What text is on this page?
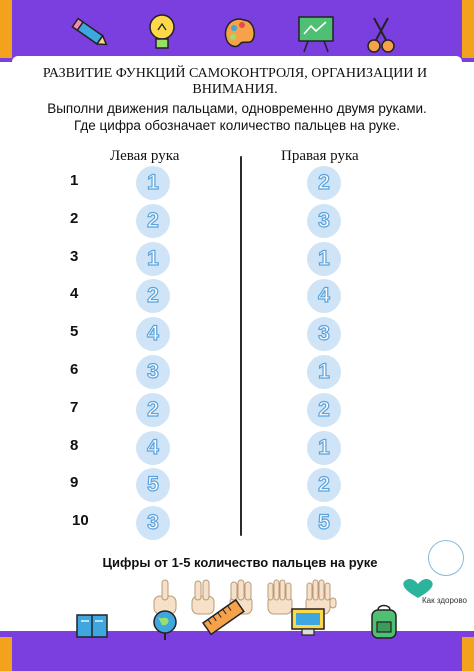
РАЗВИТИЕ ФУНКЦИЙ САМОКОНТРОЛЯ, ОРГАНИЗАЦИИ И ВНИМАНИЯ.
Выполни движения пальцами, одновременно двумя руками.
Где цифра обозначает количество пальцев на руке.
Левая рука	Правая рука
1	1	2
2	2	3
3	1	1
4	2	4
5	4	3
6	3	1
7	2	2
8	4	1
9	5	2
10	3	5
Цифры от 1-5 количество пальцев на руке
Как здорово
